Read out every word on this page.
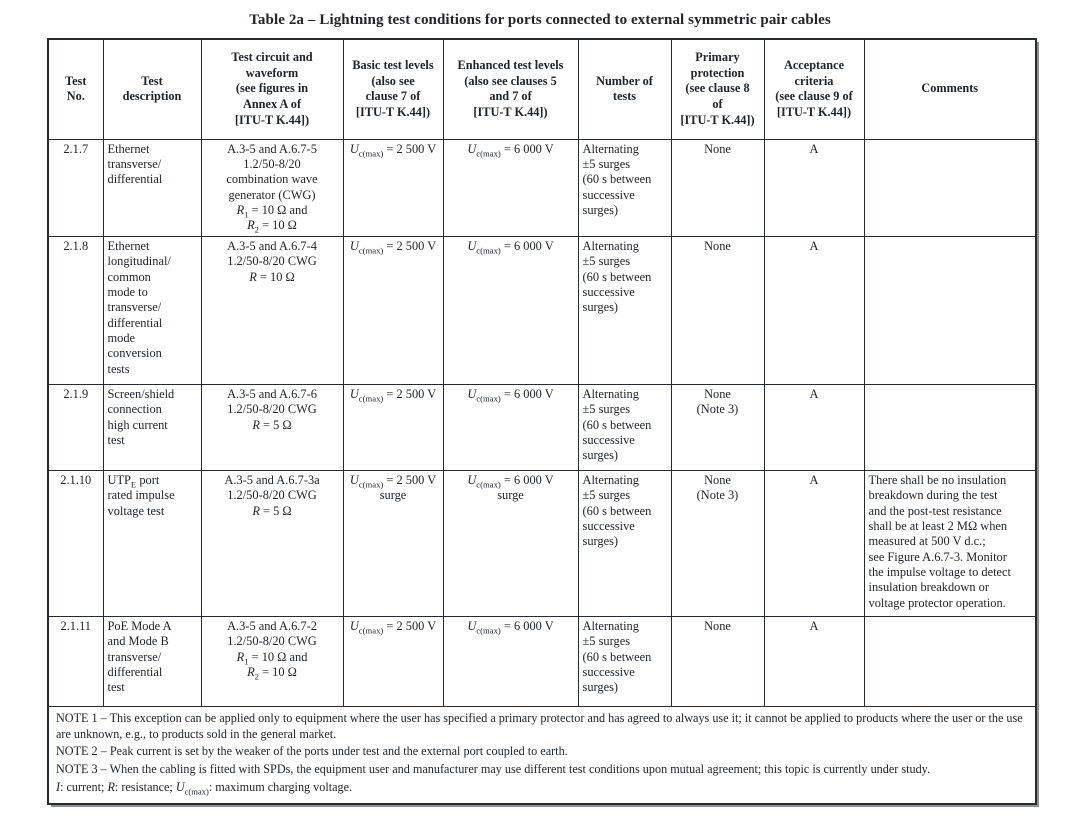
Table 2a – Lightning test conditions for ports connected to external symmetric pair cables
Test
No.	Test
description	Test circuit and
waveform
(see figures in
Annex A of
[ITU-T K.44])	Basic test levels
(also see
clause 7 of
[ITU-T K.44])	Enhanced test levels
(also see clauses 5
and 7 of
[ITU-T K.44])	Number of
tests	Primary
protection
(see clause 8
of
[ITU-T K.44])	Acceptance
criteria
(see clause 9 of
[ITU-T K.44])	Comments
2.1.7	Ethernet
transverse/
differential	A.3-5 and A.6.7-5
1.2/50-8/20
combination wave
generator (CWG)
$R_1 = 10$ Ω and
$R_2 = 10$ Ω	$U_{c(max)} = 2$ 500 V	$U_{c(max)} = 6$ 000 V	Alternating
±5 surges
(60 s between
successive
surges)	None	A	
2.1.8	Ethernet
longitudinal/
common
mode to
transverse/
differential
mode
conversion
tests	A.3-5 and A.6.7-4
1.2/50-8/20 CWG
R = 10 Ω	$U_{c(max)} = 2$ 500 V	$U_{c(max)} = 6$ 000 V	Alternating
±5 surges
(60 s between
successive
surges)	None	A	
2.1.9	Screen/shield
connection
high current
test	A.3-5 and A.6.7-6
1.2/50-8/20 CWG
R = 5 Ω	$U_{c(max)} = 2$ 500 V	$U_{c(max)} = 6$ 000 V	Alternating
±5 surges
(60 s between
successive
surges)	None
(Note 3)	A	
2.1.10	$UTP_E$ port
rated impulse
voltage test	A.3-5 and A.6.7-3a
1.2/50-8/20 CWG
R = 5 Ω	$U_{c(max)} = 2$ 500 V
surge	$U_{c(max)} = 6$ 000 V
surge	Alternating
±5 surges
(60 s between
successive
surges)	None
(Note 3)	A	There shall be no insulation
breakdown during the test
and the post-test resistance
shall be at least 2 MΩ when
measured at 500 V d.c.;
see Figure A.6.7-3. Monitor
the impulse voltage to detect
insulation breakdown or
voltage protector operation.
2.1.11	PoE Mode A
and Mode B
transverse/
differential
test	A.3-5 and A.6.7-2
1.2/50-8/20 CWG
$R_1 = 10$ Ω and
$R_2 = 10$ Ω	$U_{c(max)} = 2$ 500 V	$U_{c(max)} = 6$ 000 V	Alternating
±5 surges
(60 s between
successive
surges)	None	A	

NOTE 1 – This exception can be applied only to equipment where the user has specified a primary protector and has agreed to always use it; it cannot be applied to products where the user or the use are unknown, e.g., to products sold in the general market.

NOTE 2 – Peak current is set by the weaker of the ports under test and the external port coupled to earth.

NOTE 3 – When the cabling is fitted with SPDs, the equipment user and manufacturer may use different test conditions upon mutual agreement; this topic is currently under study.

I: current; R: resistance; $U_{c(max)}$: maximum charging voltage.								
